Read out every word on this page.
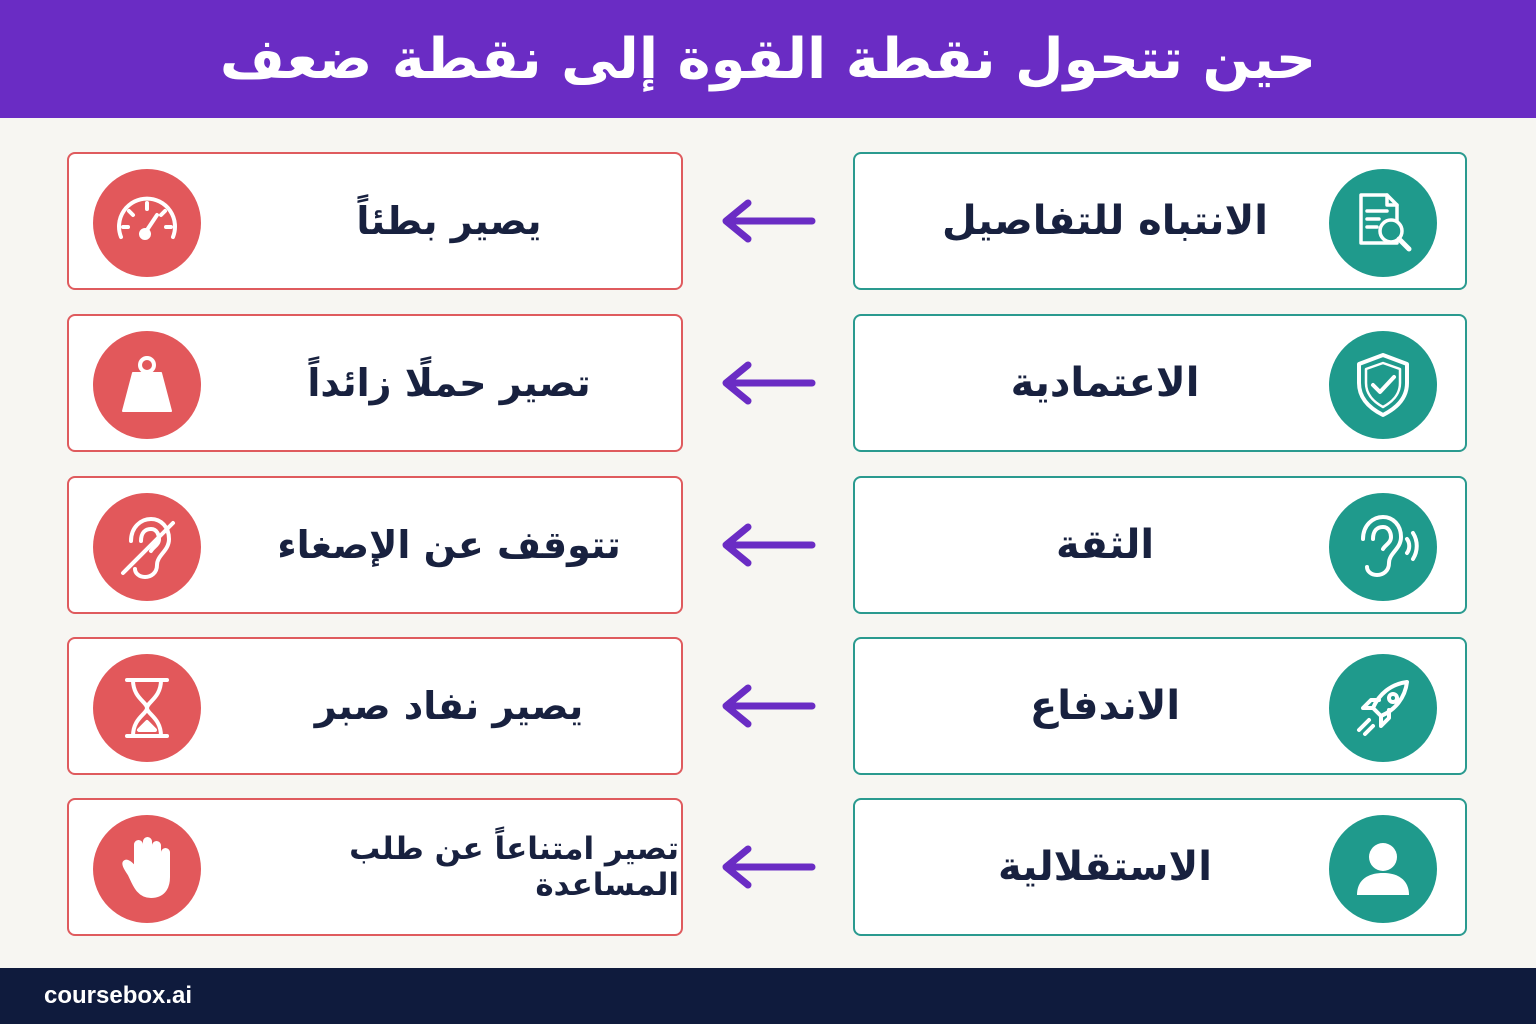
حين تتحول نقطة القوة إلى نقطة ضعف
يصير بطئاً	الانتباه للتفاصيل
تصير حملًا زائداً	الاعتمادية
تتوقف عن الإصغاء	الثقة
يصير نفاد صبر	الاندفاع
تصير امتناعاً عن طلب المساعدة	الاستقلالية
coursebox.ai
